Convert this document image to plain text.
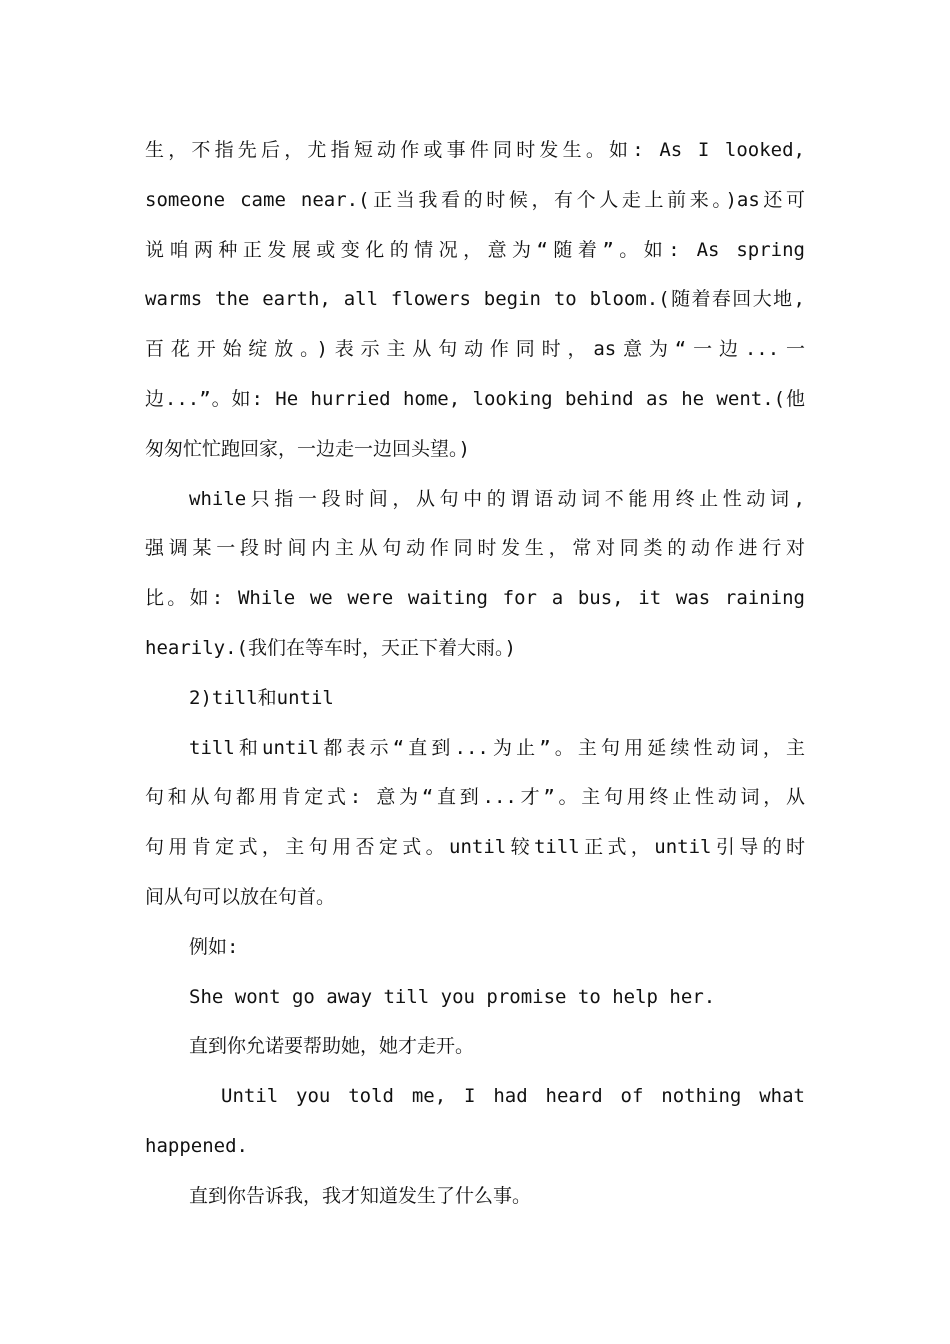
生，不指先后，尤指短动作或事件同时发生。如: As I looked,
someone came near.(正当我看的时候，有个人走上前来。)as还可
说咱两种正发展或变化的情况，意为“随着”。如: As spring
warms the earth, all flowers begin to bloom.(随着春回大地,
百花开始绽放。)表示主从句动作同时，as意为“一边...一
边...”。如: He hurried home, looking behind as he went.(他
匆匆忙忙跑回家，一边走一边回头望。)
while只指一段时间，从句中的谓语动词不能用终止性动词,
强调某一段时间内主从句动作同时发生，常对同类的动作进行对
比。如: While we were waiting for a bus, it was raining
hearily.(我们在等车时，天正下着大雨。)
2)till和until
till和until都表示“直到...为止”。主句用延续性动词，主
句和从句都用肯定式: 意为“直到...才”。主句用终止性动词，从
句用肯定式，主句用否定式。until较till正式，until引导的时
间从句可以放在句首。
例如:
She wont go away till you promise to help her.
直到你允诺要帮助她，她才走开。
Until you told me, I had heard of nothing what
happened.
直到你告诉我，我才知道发生了什么事。
